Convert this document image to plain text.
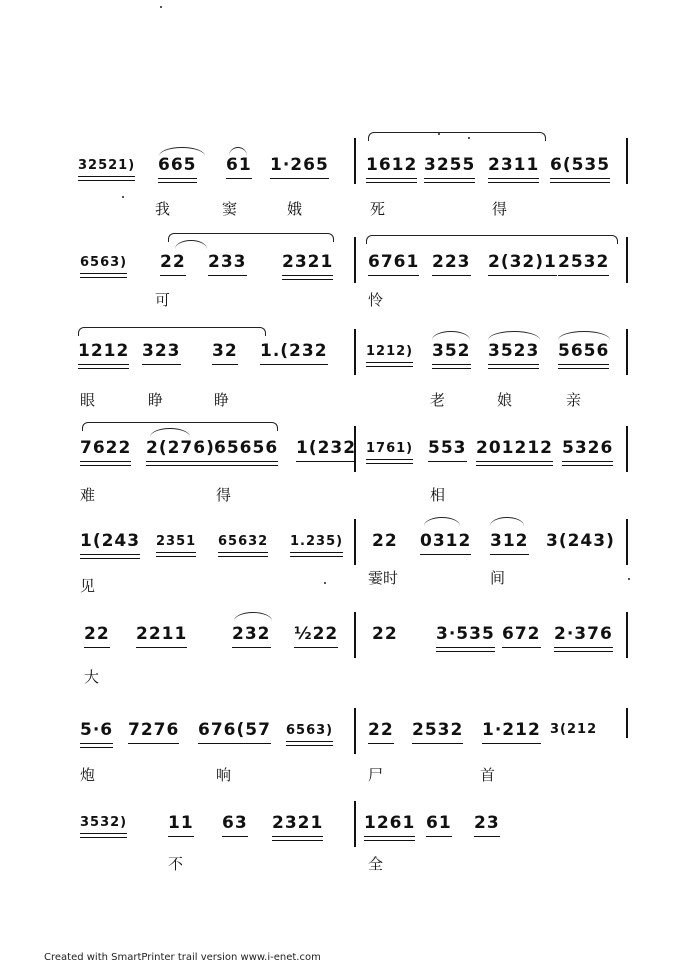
32521) 665 61 1·265 1612 3255 2311 6(535
我	窦	娥	死	得
6563) 22 233 2321 6761 223 2(32)1 2532
可	怜
1212 323 32 1.(232	1212) 352 3523 5656
眼	睁	睁	老	娘	亲
7622 2(276) 65656 1(232 1761) 553 201212 5326
难	得	相
1(243 2351 65632 1.235) 22 0312 312 3(243)
见	霎时	间
22 2211	232 ½22 22 3·535 672 2·376
大
5·6 7276 676(57 6563) 22 2532 1·212 3(212
炮	响	尸	首
3532) 11 63 2321 1261 61 23
不	全
Created with SmartPrinter trail version www.i-enet.com
